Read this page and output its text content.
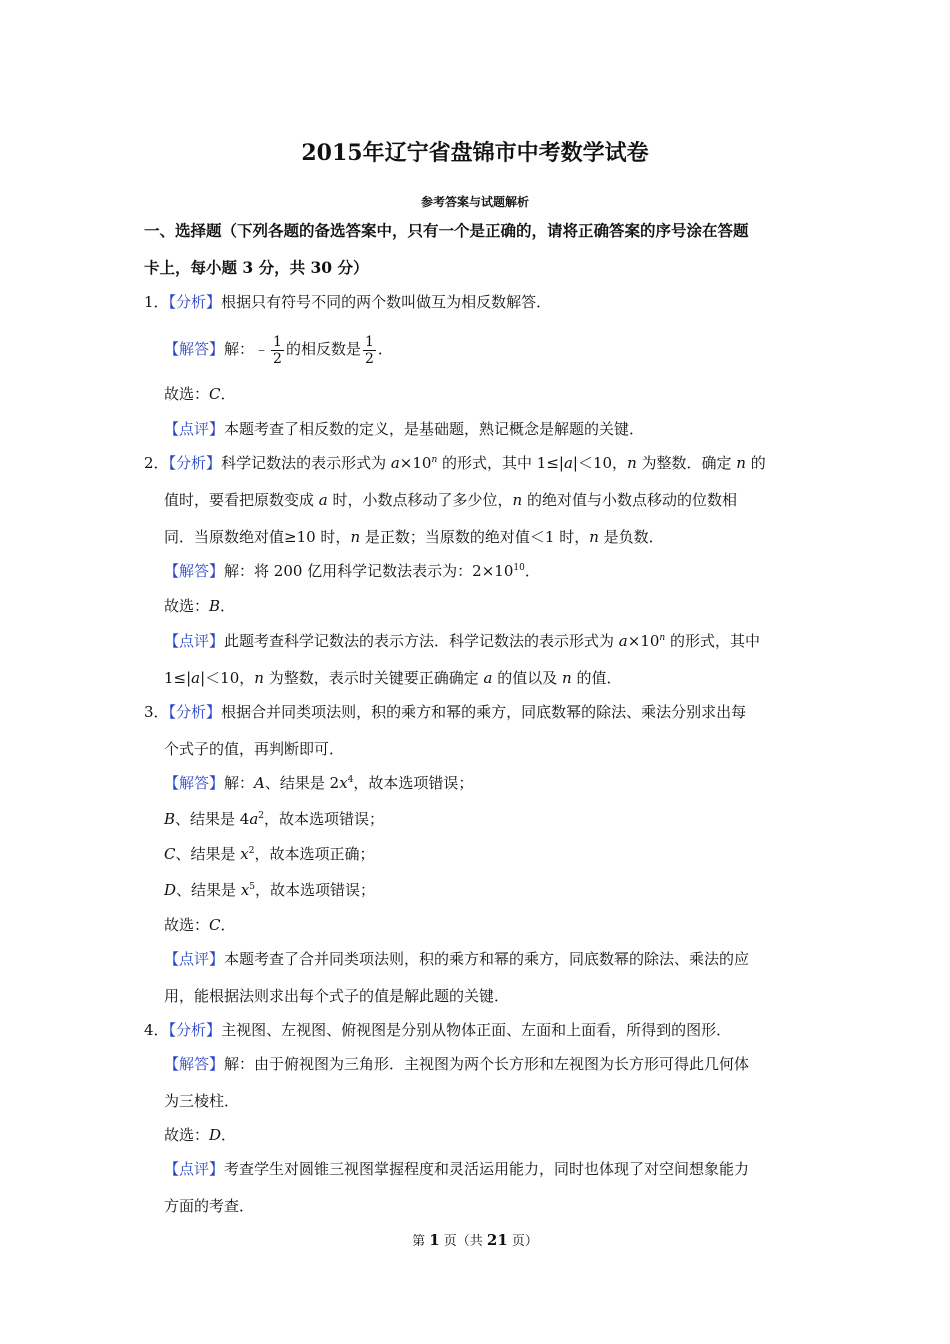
2015年辽宁省盘锦市中考数学试卷
参考答案与试题解析
一、选择题（下列各题的备选答案中，只有一个是正确的，请将正确答案的序号涂在答题
卡上，每小题 3 分，共 30 分）
1．【分析】根据只有符号不同的两个数叫做互为相反数解答．
【解答】解：﹣ $\frac{1}{2}$ 的相反数是 $\frac{1}{2}$ ．
故选：C．
【点评】本题考查了相反数的定义，是基础题，熟记概念是解题的关键．
2．【分析】科学记数法的表示形式为 $a\times 10^n$ 的形式，其中 1≤|a|＜10，n 为整数．确定 n 的
值时，要看把原数变成 a 时，小数点移动了多少位，n 的绝对值与小数点移动的位数相
同．当原数绝对值≥10 时，n 是正数；当原数的绝对值＜1 时，n 是负数．
【解答】解：将 200 亿用科学记数法表示为：$2\times 10^{10}$．
故选：B．
【点评】此题考查科学记数法的表示方法．科学记数法的表示形式为 $a\times 10^n$ 的形式，其中
1≤|a|＜10，n 为整数，表示时关键要正确确定 a 的值以及 n 的值．
3．【分析】根据合并同类项法则，积的乘方和幂的乘方，同底数幂的除法、乘法分别求出每
个式子的值，再判断即可．
【解答】解：A、结果是 $2x^4$，故本选项错误；
B、结果是 $4a^2$，故本选项错误；
C、结果是 $x^2$，故本选项正确；
D、结果是 $x^5$，故本选项错误；
故选：C．
【点评】本题考查了合并同类项法则，积的乘方和幂的乘方，同底数幂的除法、乘法的应
用，能根据法则求出每个式子的值是解此题的关键．
4．【分析】主视图、左视图、俯视图是分别从物体正面、左面和上面看，所得到的图形．
【解答】解：由于俯视图为三角形．主视图为两个长方形和左视图为长方形可得此几何体
为三棱柱．
故选：D．
【点评】考查学生对圆锥三视图掌握程度和灵活运用能力，同时也体现了对空间想象能力
方面的考查．
第 1 页（共 21 页）
